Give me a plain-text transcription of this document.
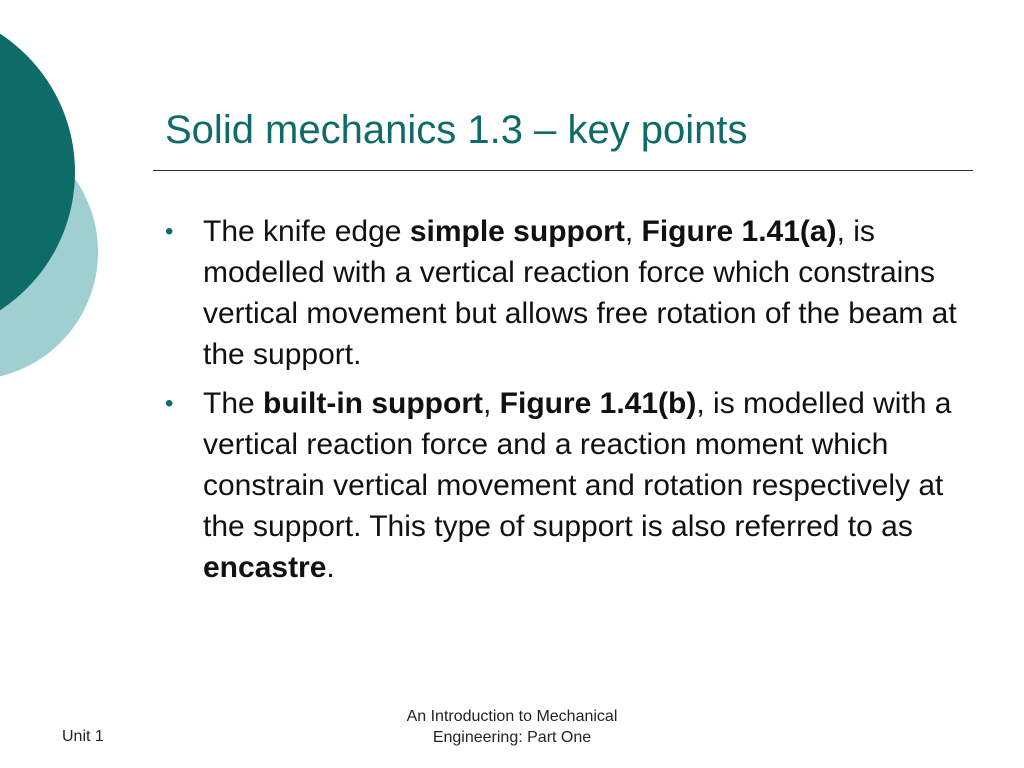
Solid mechanics 1.3 – key points
• The knife edge simple support, Figure 1.41(a), is modelled with a vertical reaction force which constrains vertical movement but allows free rotation of the beam at the support.
• The built-in support, Figure 1.41(b), is modelled with a vertical reaction force and a reaction moment which constrain vertical movement and rotation respectively at the support. This type of support is also referred to as encastre.
Unit 1
An Introduction to Mechanical
Engineering: Part One
